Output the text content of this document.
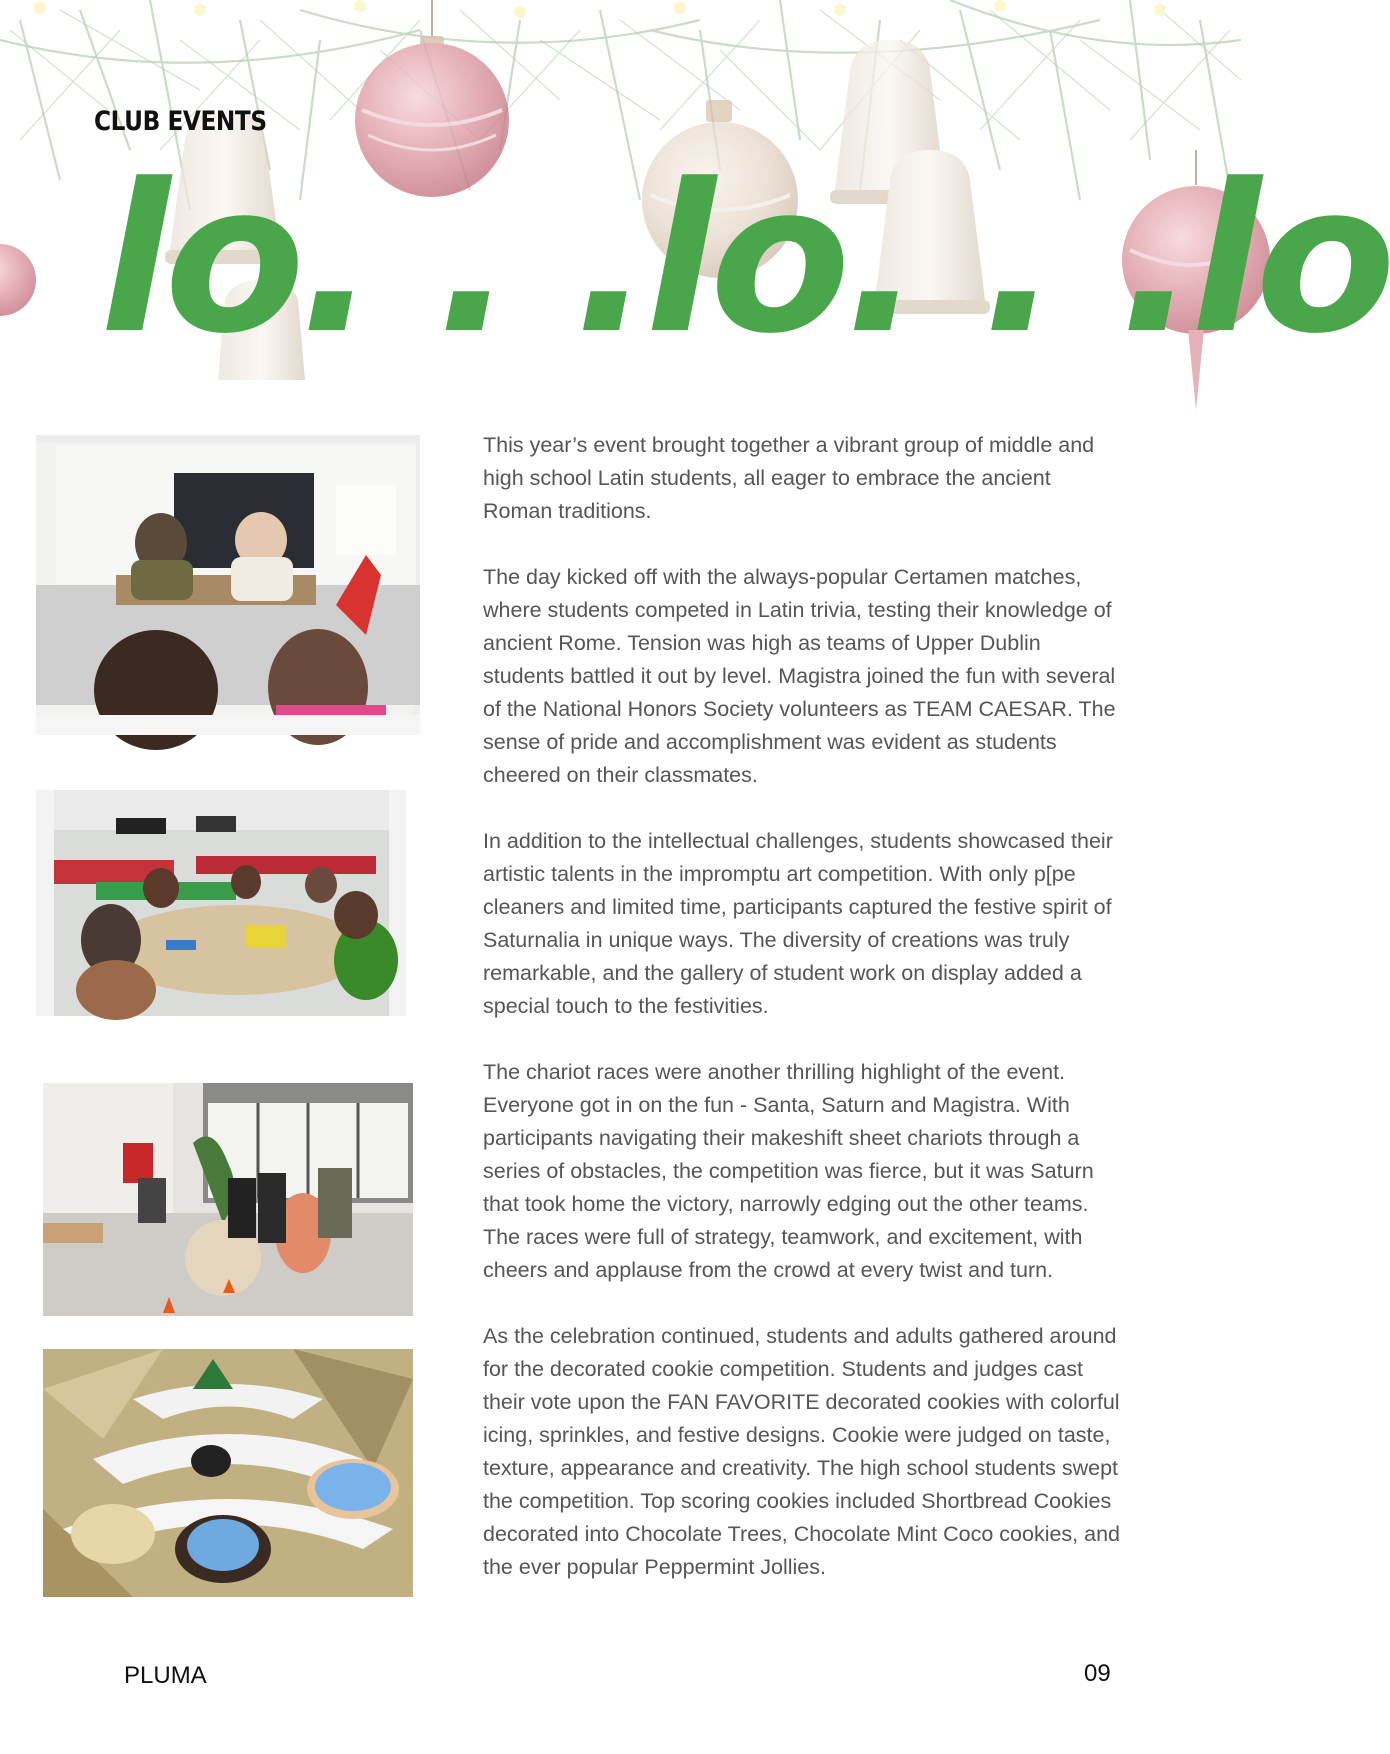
CLUB EVENTS
lo. . .lo. . .lo

This year’s event brought together a vibrant group of middle and high school Latin students, all eager to embrace the ancient Roman traditions.

The day kicked off with the always-popular Certamen matches, where students competed in Latin trivia, testing their knowledge of ancient Rome. Tension was high as teams of Upper Dublin students battled it out by level. Magistra joined the fun with several of the National Honors Society volunteers as TEAM CAESAR. The sense of pride and accomplishment was evident as students cheered on their classmates.

In addition to the intellectual challenges, students showcased their artistic talents in the impromptu art competition. With only p[pe cleaners and limited time, participants captured the festive spirit of Saturnalia in unique ways. The diversity of creations was truly remarkable, and the gallery of student work on display added a special touch to the festivities.

The chariot races were another thrilling highlight of the event. Everyone got in on the fun - Santa, Saturn and Magistra. With participants navigating their makeshift sheet chariots through a series of obstacles, the competition was fierce, but it was Saturn that took home the victory, narrowly edging out the other teams. The races were full of strategy, teamwork, and excitement, with cheers and applause from the crowd at every twist and turn.

As the celebration continued, students and adults gathered around for the decorated cookie competition. Students and judges cast their vote upon the FAN FAVORITE decorated cookies with colorful icing, sprinkles, and festive designs. Cookie were judged on taste, texture, appearance and creativity. The high school students swept the competition. Top scoring cookies included Shortbread Cookies decorated into Chocolate Trees, Chocolate Mint Coco cookies, and the ever popular Peppermint Jollies.

PLUMA	09
